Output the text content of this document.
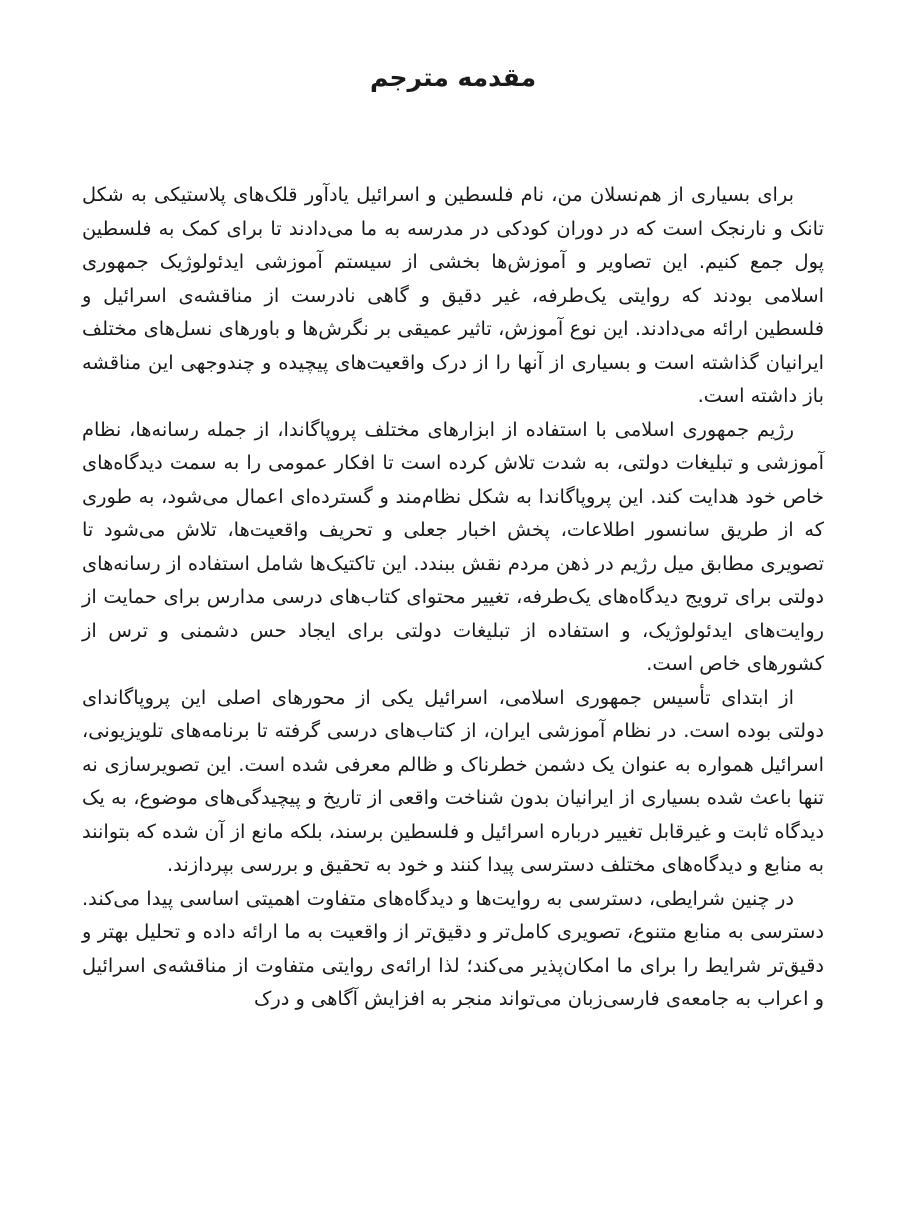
مقدمه مترجم

برای بسیاری از هم‌نسلان من، نام فلسطین و اسرائیل یادآور قلک‌های پلاستیکی به شکل تانک و نارنجک است که در دوران کودکی در مدرسه به ما می‌دادند تا برای کمک به فلسطین پول جمع کنیم. این تصاویر و آموزش‌ها بخشی از سیستم آموزشی ایدئولوژیک جمهوری اسلامی بودند که روایتی یک‌طرفه، غیر دقیق و گاهی نادرست از مناقشه‌ی اسرائیل و فلسطین ارائه می‌دادند. این نوع آموزش، تاثیر عمیقی بر نگرش‌ها و باورهای نسل‌های مختلف ایرانیان گذاشته است و بسیاری از آنها را از درک واقعیت‌های پیچیده و چندوجهی این مناقشه باز داشته است.

رژیم جمهوری اسلامی با استفاده از ابزارهای مختلف پروپاگاندا، از جمله رسانه‌ها، نظام آموزشی و تبلیغات دولتی، به شدت تلاش کرده است تا افکار عمومی را به سمت دیدگاه‌های خاص خود هدایت کند. این پروپاگاندا به شکل نظام‌مند و گسترده‌ای اعمال می‌شود، به طوری که از طریق سانسور اطلاعات، پخش اخبار جعلی و تحریف واقعیت‌ها، تلاش می‌شود تا تصویری مطابق میل رژیم در ذهن مردم نقش ببندد. این تاکتیک‌ها شامل استفاده از رسانه‌های دولتی برای ترویج دیدگاه‌های یک‌طرفه، تغییر محتوای کتاب‌های درسی مدارس برای حمایت از روایت‌های ایدئولوژیک، و استفاده از تبلیغات دولتی برای ایجاد حس دشمنی و ترس از کشورهای خاص است.

از ابتدای تأسیس جمهوری اسلامی، اسرائیل یکی از محورهای اصلی این پروپاگاندای دولتی بوده است. در نظام آموزشی ایران، از کتاب‌های درسی گرفته تا برنامه‌های تلویزیونی، اسرائیل همواره به عنوان یک دشمن خطرناک و ظالم معرفی شده است. این تصویرسازی نه تنها باعث شده بسیاری از ایرانیان بدون شناخت واقعی از تاریخ و پیچیدگی‌های موضوع، به یک دیدگاه ثابت و غیرقابل تغییر درباره اسرائیل و فلسطین برسند، بلکه مانع از آن شده که بتوانند به منابع و دیدگاه‌های مختلف دسترسی پیدا کنند و خود به تحقیق و بررسی بپردازند.

در چنین شرایطی، دسترسی به روایت‌ها و دیدگاه‌های متفاوت اهمیتی اساسی پیدا می‌کند. دسترسی به منابع متنوع، تصویری کامل‌تر و دقیق‌تر از واقعیت به ما ارائه داده و تحلیل بهتر و دقیق‌تر شرایط را برای ما امکان‌پذیر می‌کند؛ لذا ارائه‌ی روایتی متفاوت از مناقشه‌ی اسرائیل و اعراب به جامعه‌ی فارسی‌زبان می‌تواند منجر به افزایش آگاهی و درک
